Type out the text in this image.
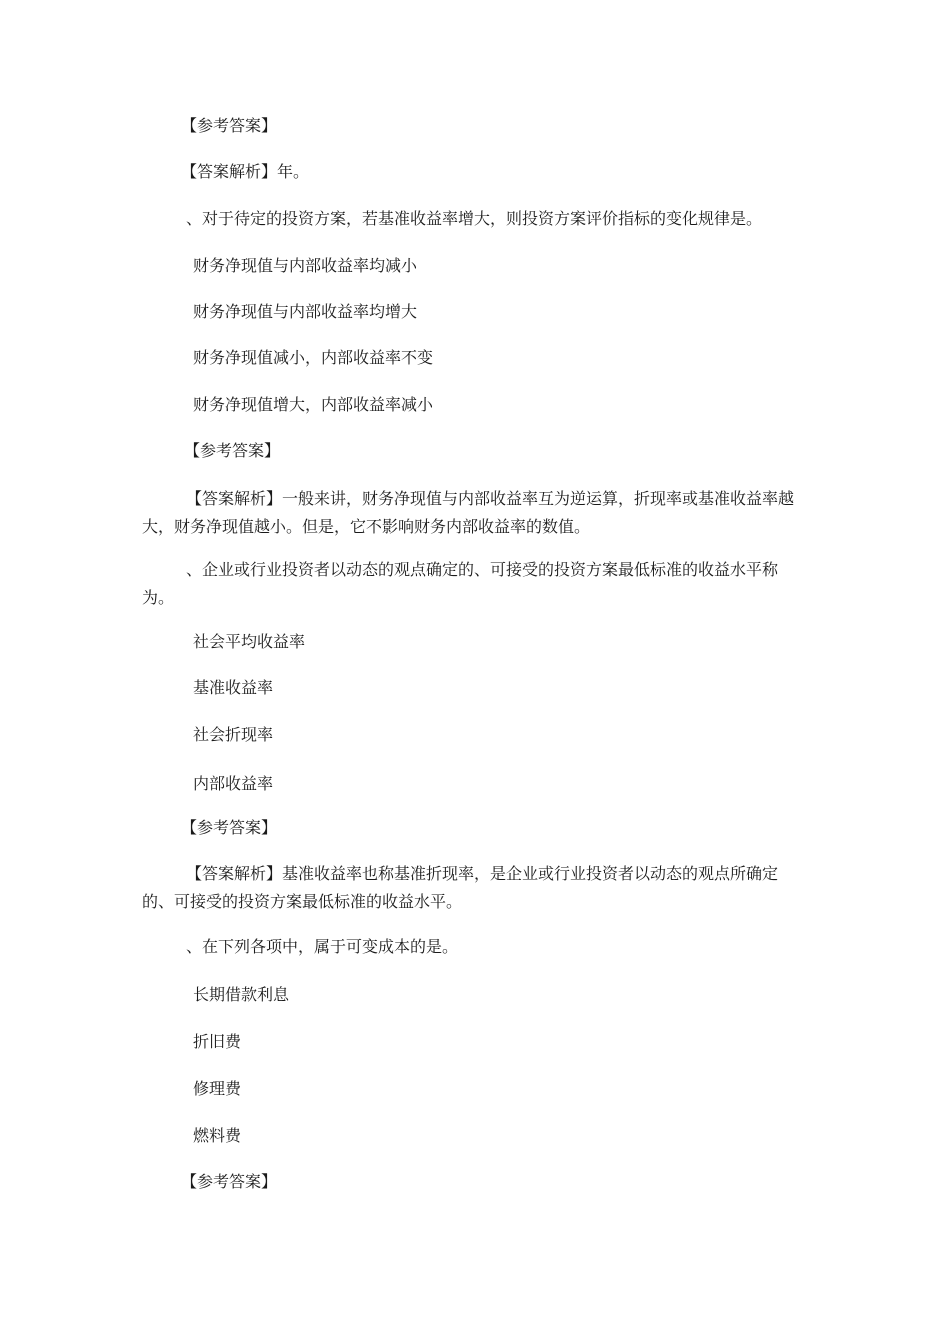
【参考答案】
【答案解析】年。
、对于待定的投资方案，若基准收益率增大，则投资方案评价指标的变化规律是。
财务净现值与内部收益率均减小
财务净现值与内部收益率均增大
财务净现值减小，内部收益率不变
财务净现值增大，内部收益率减小
【参考答案】
【答案解析】一般来讲，财务净现值与内部收益率互为逆运算，折现率或基准收益率越大，财务净现值越小。但是，它不影响财务内部收益率的数值。
、企业或行业投资者以动态的观点确定的、可接受的投资方案最低标准的收益水平称为。
社会平均收益率
基准收益率
社会折现率
内部收益率
【参考答案】
【答案解析】基准收益率也称基准折现率，是企业或行业投资者以动态的观点所确定的、可接受的投资方案最低标准的收益水平。
、在下列各项中，属于可变成本的是。
长期借款利息
折旧费
修理费
燃料费
【参考答案】
